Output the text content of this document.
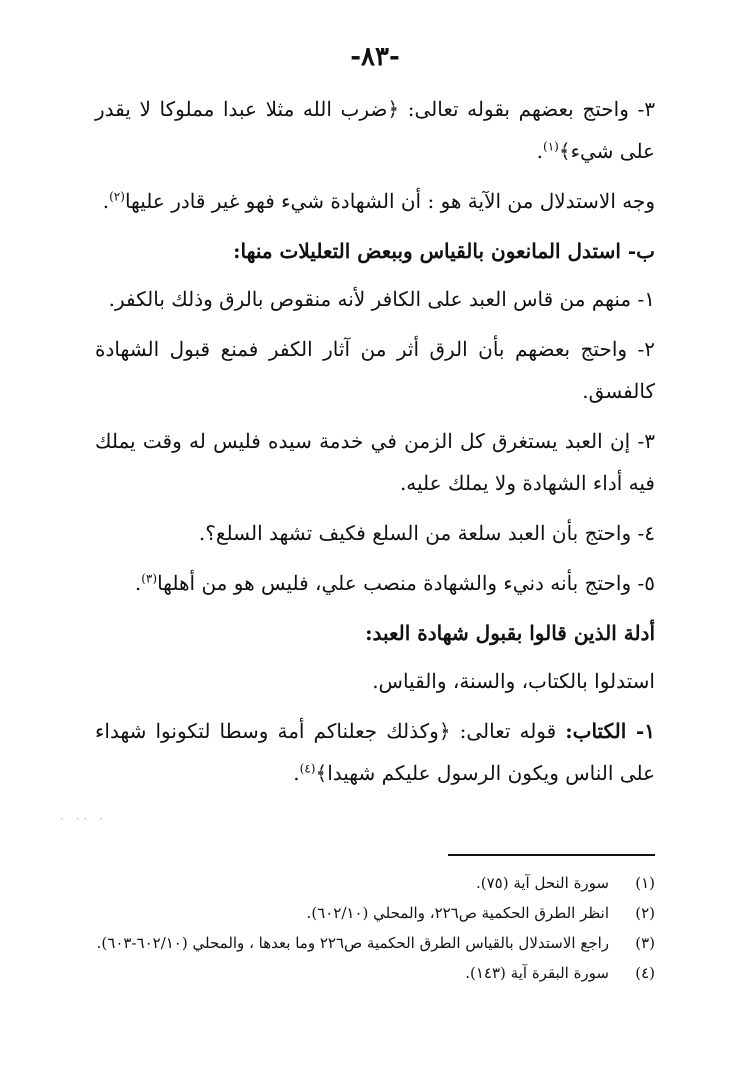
-٨٣-

٣- واحتج بعضهم بقوله تعالى: ﴿ضرب الله مثلا عبدا مملوكا لا يقدر على شيء﴾$^{(١)}$.

وجه الاستدلال من الآية هو : أن الشهادة شيء فهو غير قادر عليها$^{(٢)}$.

ب- استدل المانعون بالقياس وببعض التعليلات منها:

١- منهم من قاس العبد على الكافر لأنه منقوص بالرق وذلك بالكفر.

٢- واحتج بعضهم بأن الرق أثر من آثار الكفر فمنع قبول الشهادة كالفسق.

٣- إن العبد يستغرق كل الزمن في خدمة سيده فليس له وقت يملك فيه أداء الشهادة ولا يملك عليه.

٤- واحتج بأن العبد سلعة من السلع فكيف تشهد السلع؟.

٥- واحتج بأنه دنيء والشهادة منصب علي، فليس هو من أهلها$^{(٣)}$.

أدلة الذين قالوا بقبول شهادة العبد:

استدلوا بالكتاب، والسنة، والقياس.

١- الكتاب: قوله تعالى: ﴿وكذلك جعلناكم أمة وسطا لتكونوا شهداء على الناس ويكون الرسول عليكم شهيدا﴾$^{(٤)}$.

· ·· ·
(١)
سورة النحل آية (٧٥).
(٢)
انظر الطرق الحكمية ص٢٢٦، والمحلي (٦٠٢/١٠).
(٣)
راجع الاستدلال بالقياس الطرق الحكمية ص٢٢٦ وما بعدها ، والمحلي (٦٠٢/١٠-٦٠٣).
(٤)
سورة البقرة آية (١٤٣).
